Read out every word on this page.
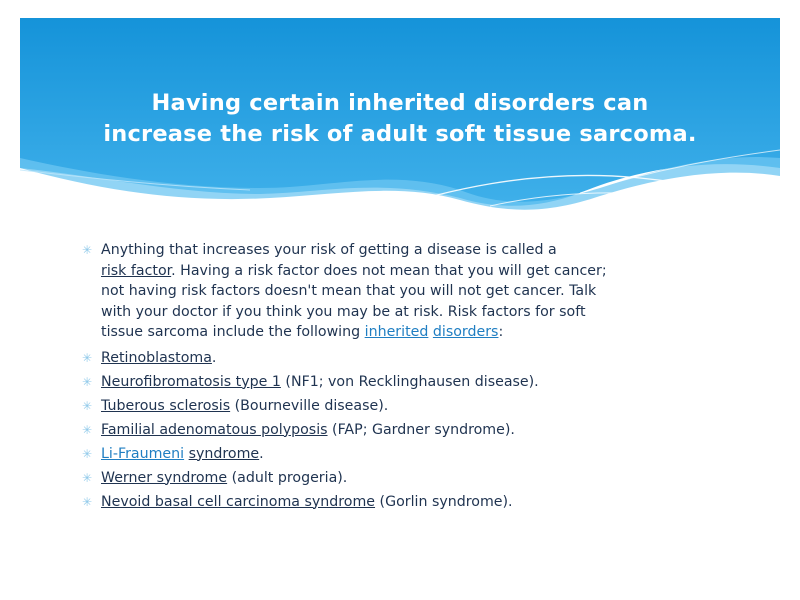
Having certain inherited disorders can
increase the risk of adult soft tissue sarcoma.
✳ Anything that increases your risk of getting a disease is called a
risk factor. Having a risk factor does not mean that you will get cancer;
not having risk factors doesn't mean that you will not get cancer. Talk
with your doctor if you think you may be at risk. Risk factors for soft
tissue sarcoma include the following inherited disorders:
✳ Retinoblastoma.
✳ Neurofibromatosis type 1 (NF1; von Recklinghausen disease).
✳ Tuberous sclerosis (Bourneville disease).
✳ Familial adenomatous polyposis (FAP; Gardner syndrome).
✳ Li-Fraumeni syndrome.
✳ Werner syndrome (adult progeria).
✳ Nevoid basal cell carcinoma syndrome (Gorlin syndrome).
